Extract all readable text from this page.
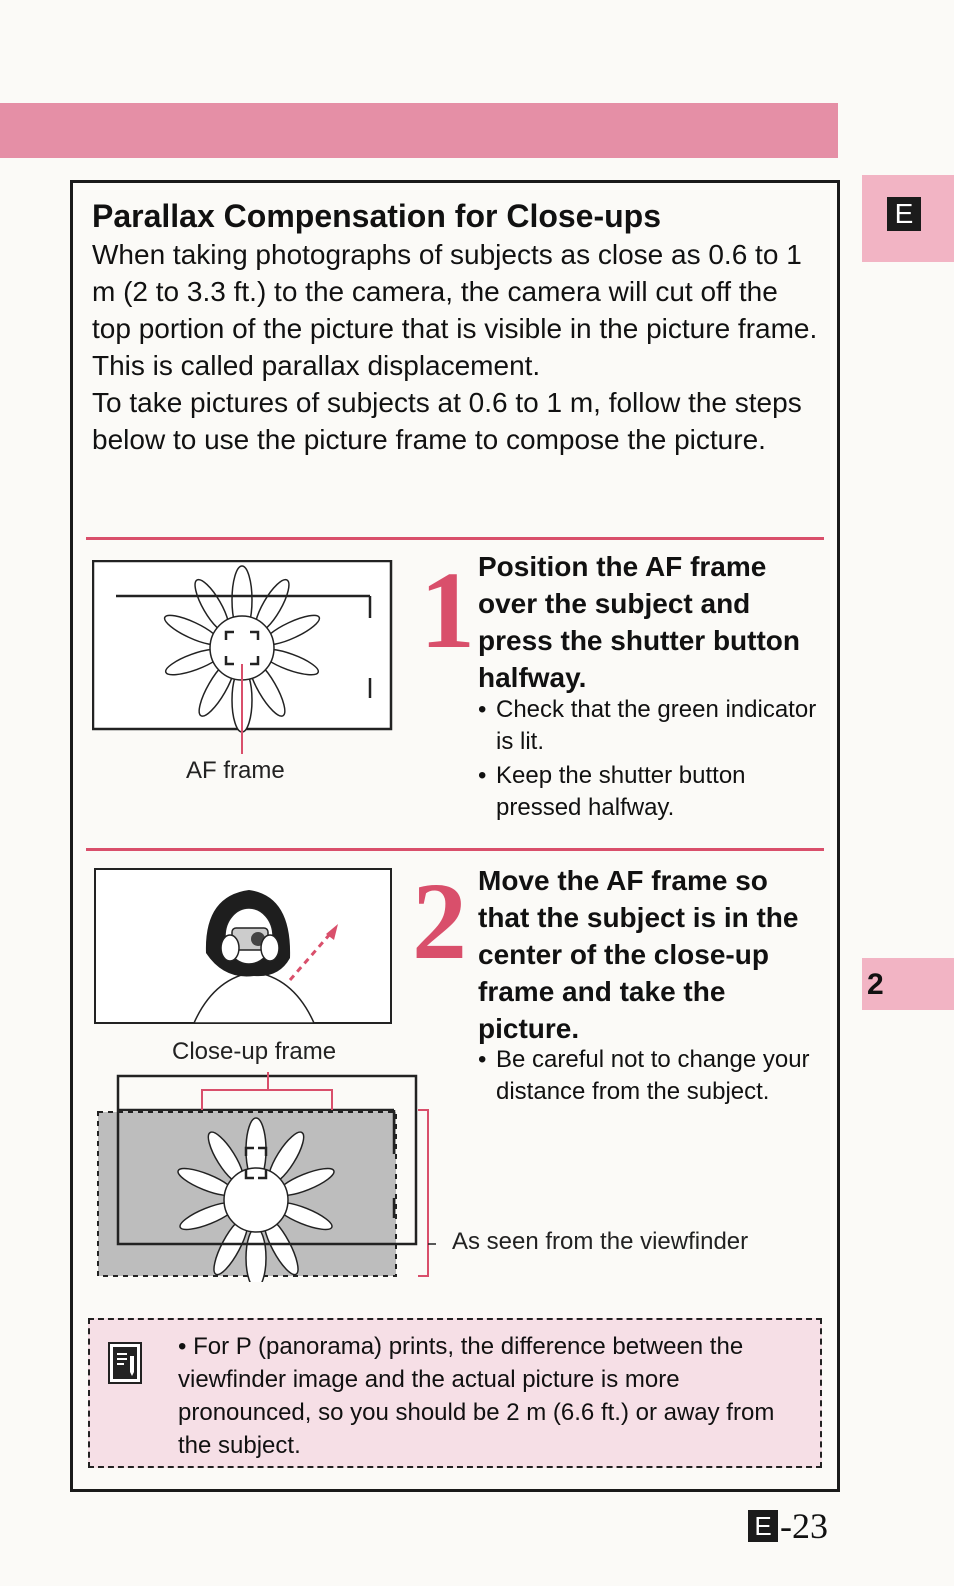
E
2
Parallax Compensation for Close-ups

When taking photographs of subjects as close as 0.6 to 1 m (2 to 3.3 ft.) to the camera, the camera will cut off the top portion of the picture that is visible in the picture frame. This is called parallax displacement.
To take pictures of subjects at 0.6 to 1 m, follow the steps below to use the picture frame to compose the picture.

AF frame
1 Position the AF frame over the subject and press the shutter button halfway.
• Check that the green indicator is lit.
• Keep the shutter button pressed halfway.
Close-up frame
As seen from the viewfinder
2 Move the AF frame so that the subject is in the center of the close-up frame and take the picture.
• Be careful not to change your distance from the subject.

• For P (panorama) prints, the difference between the viewfinder image and the actual picture is more pronounced, so you should be 2 m (6.6 ft.) or away from the subject.

E -23
